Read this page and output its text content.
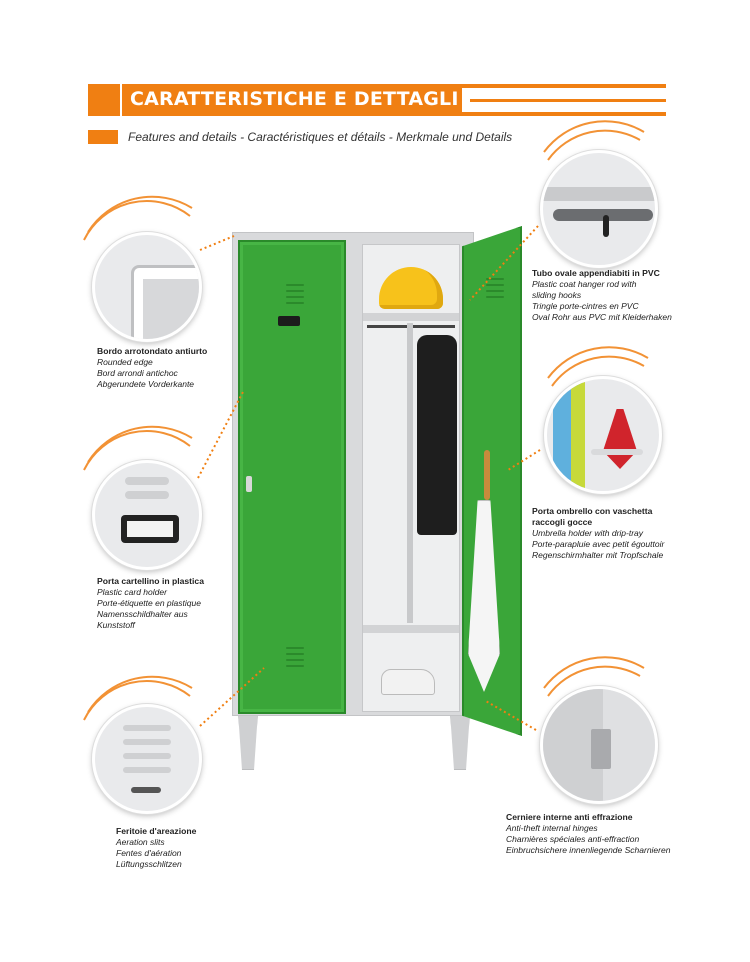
CARATTERISTICHE E DETTAGLI
Features and details - Caractéristiques et détails - Merkmale und Details
Bordo arrotondato antiurto
Rounded edge
Bord arrondi antichoc
Abgerundete Vorderkante
Porta cartellino in plastica
Plastic card holder
Porte-étiquette en plastique
Namensschildhalter aus
Kunststoff
Feritoie d'areazione
Aeration slits
Fentes d'aération
Lüftungsschlitzen
Tubo ovale appendiabiti in PVC
Plastic coat hanger rod with
sliding hooks
Tringle porte-cintres en PVC
Oval Rohr aus PVC mit Kleiderhaken
Porta ombrello con vaschetta
raccogli gocce
Umbrella holder with drip-tray
Porte-parapluie avec petit égouttoir
Regenschirmhalter mit Tropfschale
Cerniere interne anti effrazione
Anti-theft internal hinges
Charnières spéciales anti-effraction
Einbruchsichere innenliegende Scharnieren
